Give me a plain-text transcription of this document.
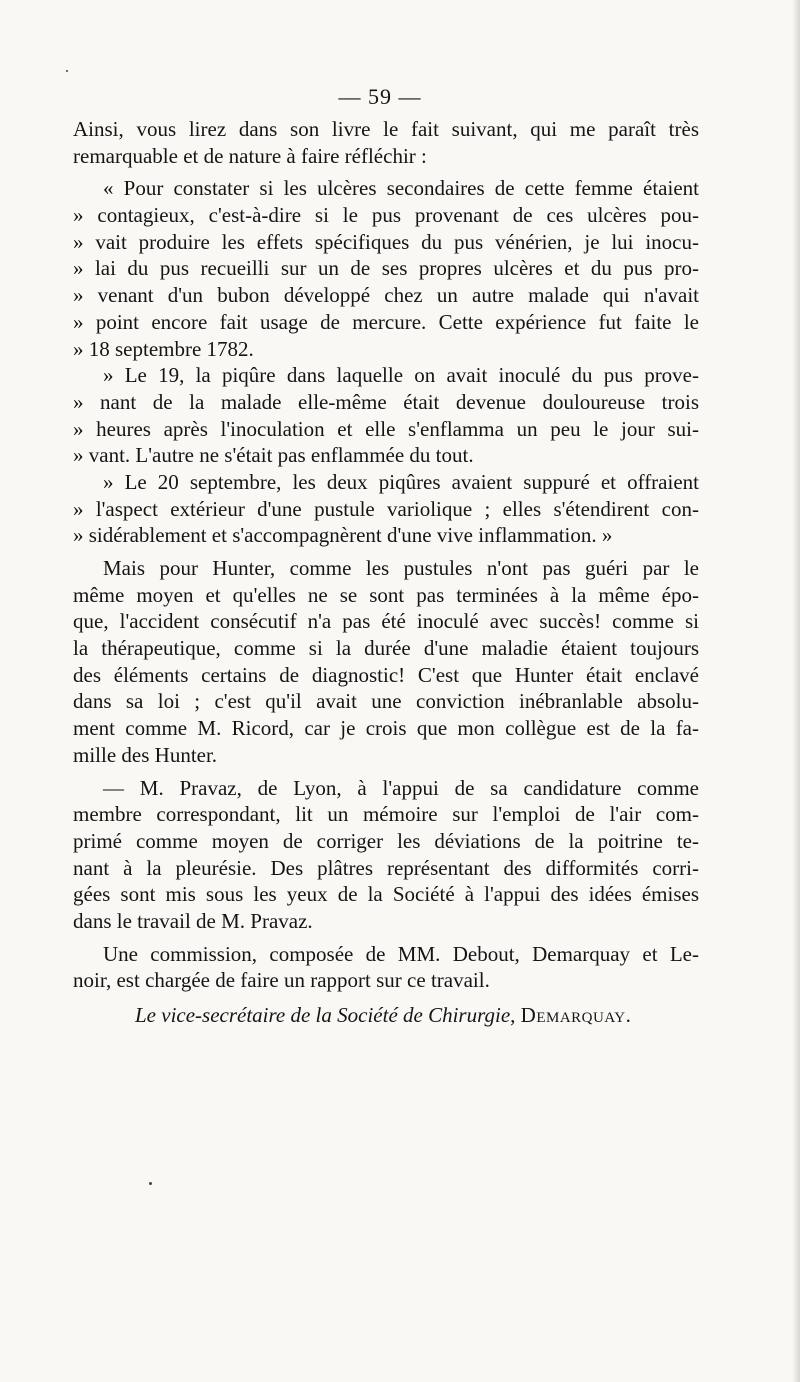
— 59 —
Ainsi, vous lirez dans son livre le fait suivant, qui me paraît très
remarquable et de nature à faire réfléchir :
« Pour constater si les ulcères secondaires de cette femme étaient
» contagieux, c'est-à-dire si le pus provenant de ces ulcères pou-
» vait produire les effets spécifiques du pus vénérien, je lui inocu-
» lai du pus recueilli sur un de ses propres ulcères et du pus pro-
» venant d'un bubon développé chez un autre malade qui n'avait
» point encore fait usage de mercure. Cette expérience fut faite le
» 18 septembre 1782.
» Le 19, la piqûre dans laquelle on avait inoculé du pus prove-
» nant de la malade elle-même était devenue douloureuse trois
» heures après l'inoculation et elle s'enflamma un peu le jour sui-
» vant. L'autre ne s'était pas enflammée du tout.
» Le 20 septembre, les deux piqûres avaient suppuré et offraient
» l'aspect extérieur d'une pustule variolique ; elles s'étendirent con-
» sidérablement et s'accompagnèrent d'une vive inflammation. »
Mais pour Hunter, comme les pustules n'ont pas guéri par le
même moyen et qu'elles ne se sont pas terminées à la même épo-
que, l'accident consécutif n'a pas été inoculé avec succès! comme si
la thérapeutique, comme si la durée d'une maladie étaient toujours
des éléments certains de diagnostic! C'est que Hunter était enclavé
dans sa loi ; c'est qu'il avait une conviction inébranlable absolu-
ment comme M. Ricord, car je crois que mon collègue est de la fa-
mille des Hunter.
— M. Pravaz, de Lyon, à l'appui de sa candidature comme
membre correspondant, lit un mémoire sur l'emploi de l'air com-
primé comme moyen de corriger les déviations de la poitrine te-
nant à la pleurésie. Des plâtres représentant des difformités corri-
gées sont mis sous les yeux de la Société à l'appui des idées émises
dans le travail de M. Pravaz.
Une commission, composée de MM. Debout, Demarquay et Le-
noir, est chargée de faire un rapport sur ce travail.
Le vice-secrétaire de la Société de Chirurgie, Demarquay.
